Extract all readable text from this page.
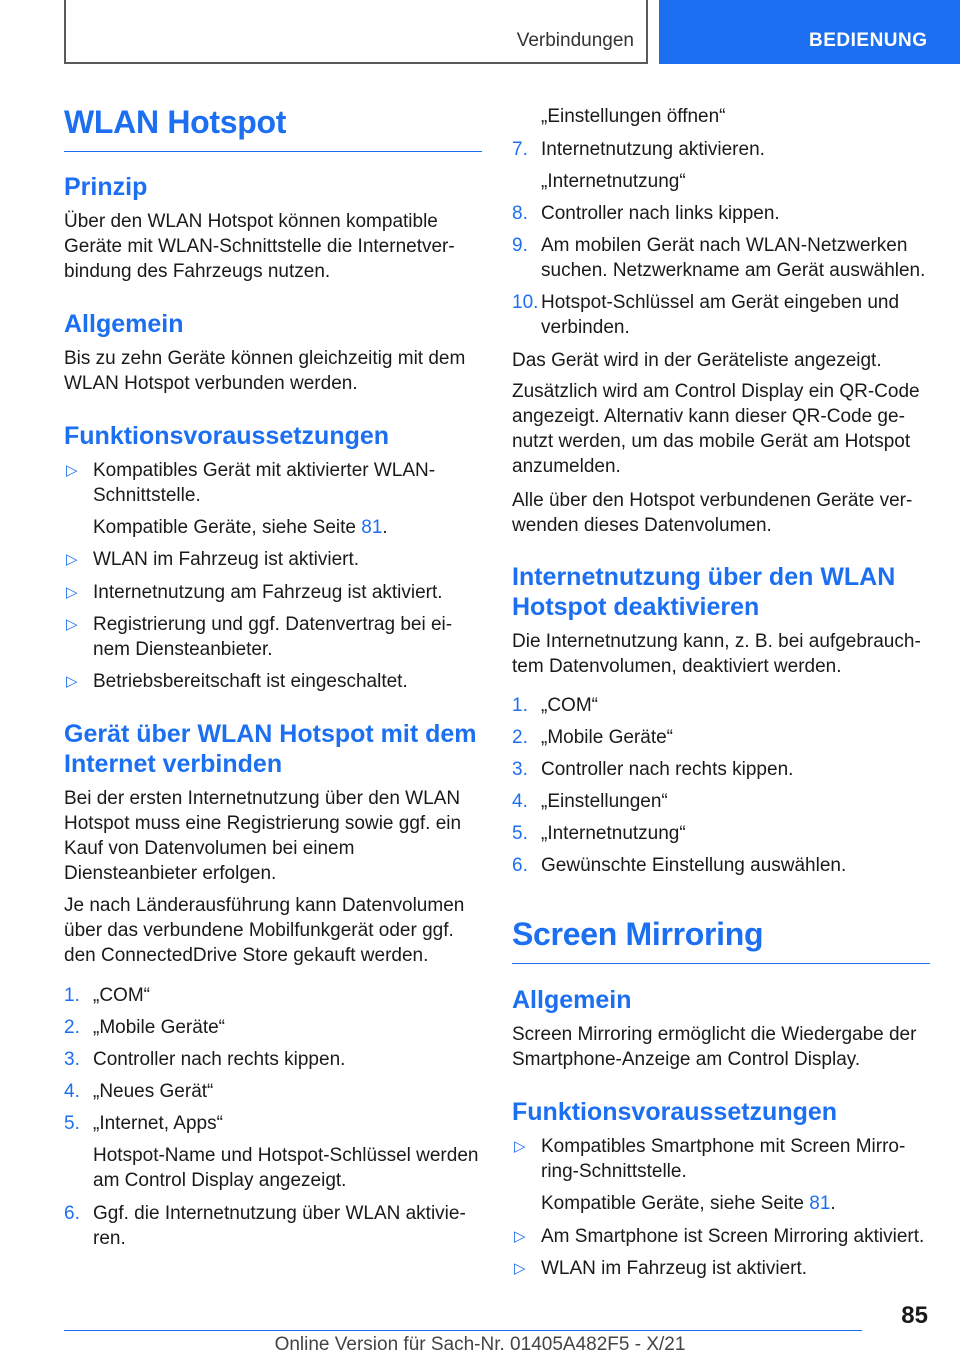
Verbindungen	BEDIENUNG
WLAN Hotspot
Prinzip

Über den WLAN Hotspot können kompatible Geräte mit WLAN-Schnittstelle die Internetverbindung des Fahrzeugs nutzen.

Allgemein

Bis zu zehn Geräte können gleichzeitig mit dem WLAN Hotspot verbunden werden.

Funktionsvoraussetzungen
▷ Kompatibles Gerät mit aktivierter WLAN-Schnittstelle.
Kompatible Geräte, siehe Seite 81.
▷ WLAN im Fahrzeug ist aktiviert.
▷ Internetnutzung am Fahrzeug ist aktiviert.
▷ Registrierung und ggf. Datenvertrag bei einem Diensteanbieter.
▷ Betriebsbereitschaft ist eingeschaltet.
Gerät über WLAN Hotspot mit dem Internet verbinden

Bei der ersten Internetnutzung über den WLAN Hotspot muss eine Registrierung sowie ggf. ein Kauf von Datenvolumen bei einem Diensteanbieter erfolgen.

Je nach Länderausführung kann Datenvolumen über das verbundene Mobilfunkgerät oder ggf. den ConnectedDrive Store gekauft werden.

1. „COM“
2. „Mobile Geräte“
3. Controller nach rechts kippen.
4. „Neues Gerät“
5. „Internet, Apps“
Hotspot-Name und Hotspot-Schlüssel werden am Control Display angezeigt.
6. Ggf. die Internetnutzung über WLAN aktivieren.
„Einstellungen öffnen“
7. Internetnutzung aktivieren.
„Internetnutzung“
8. Controller nach links kippen.
9. Am mobilen Gerät nach WLAN-Netzwerken suchen. Netzwerkname am Gerät auswählen.
10. Hotspot-Schlüssel am Gerät eingeben und verbinden.

Das Gerät wird in der Geräteliste angezeigt.

Zusätzlich wird am Control Display ein QR-Code angezeigt. Alternativ kann dieser QR-Code genutzt werden, um das mobile Gerät am Hotspot anzumelden.

Alle über den Hotspot verbundenen Geräte verwenden dieses Datenvolumen.

Internetnutzung über den WLAN Hotspot deaktivieren

Die Internetnutzung kann, z. B. bei aufgebrauchtem Datenvolumen, deaktiviert werden.

1. „COM“
2. „Mobile Geräte“
3. Controller nach rechts kippen.
4. „Einstellungen“
5. „Internetnutzung“
6. Gewünschte Einstellung auswählen.
Screen Mirroring
Allgemein

Screen Mirroring ermöglicht die Wiedergabe der Smartphone-Anzeige am Control Display.

Funktionsvoraussetzungen
▷ Kompatibles Smartphone mit Screen Mirroring-Schnittstelle.
Kompatible Geräte, siehe Seite 81.
▷ Am Smartphone ist Screen Mirroring aktiviert.
▷ WLAN im Fahrzeug ist aktiviert.
85
Online Version für Sach-Nr. 01405A482F5 - X/21
